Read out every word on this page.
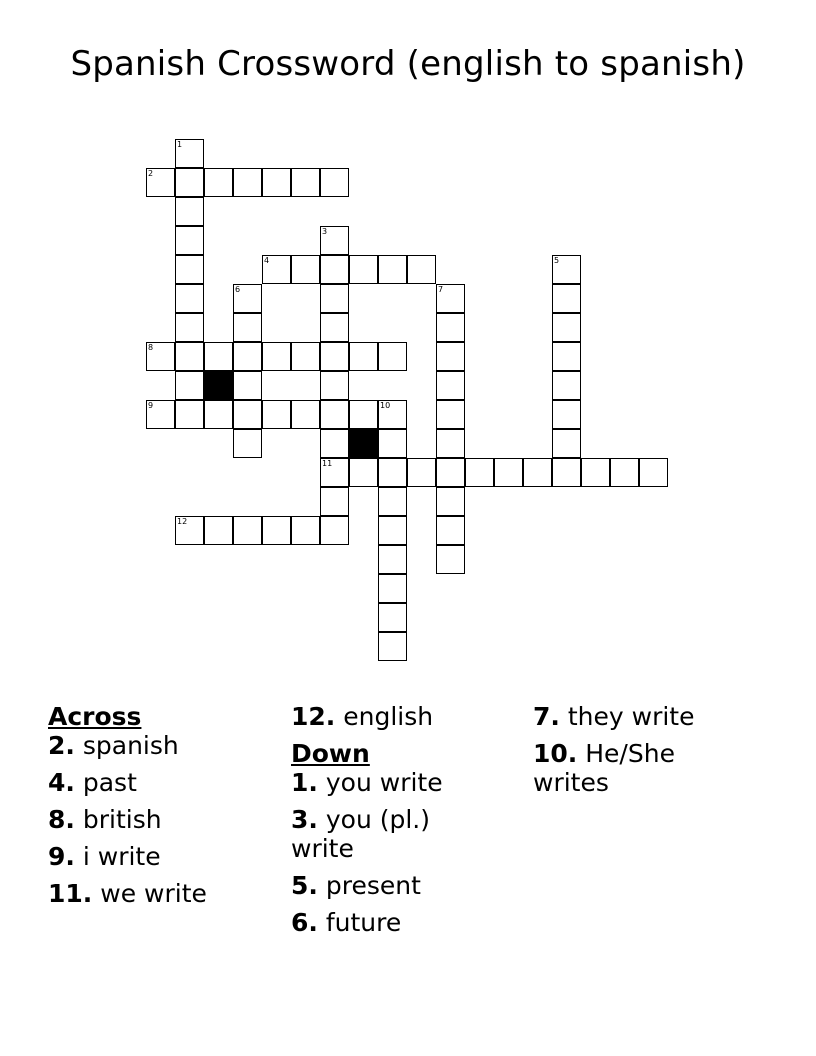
Spanish Crossword (english to spanish)
1
2
3
4	5
6	7
8
9	10
11
12
Across
2. spanish
4. past
8. british
9. i write
11. we write
12. english
Down
1. you write
3. you (pl.) write
5. present
6. future
7. they write
10. He/She writes
